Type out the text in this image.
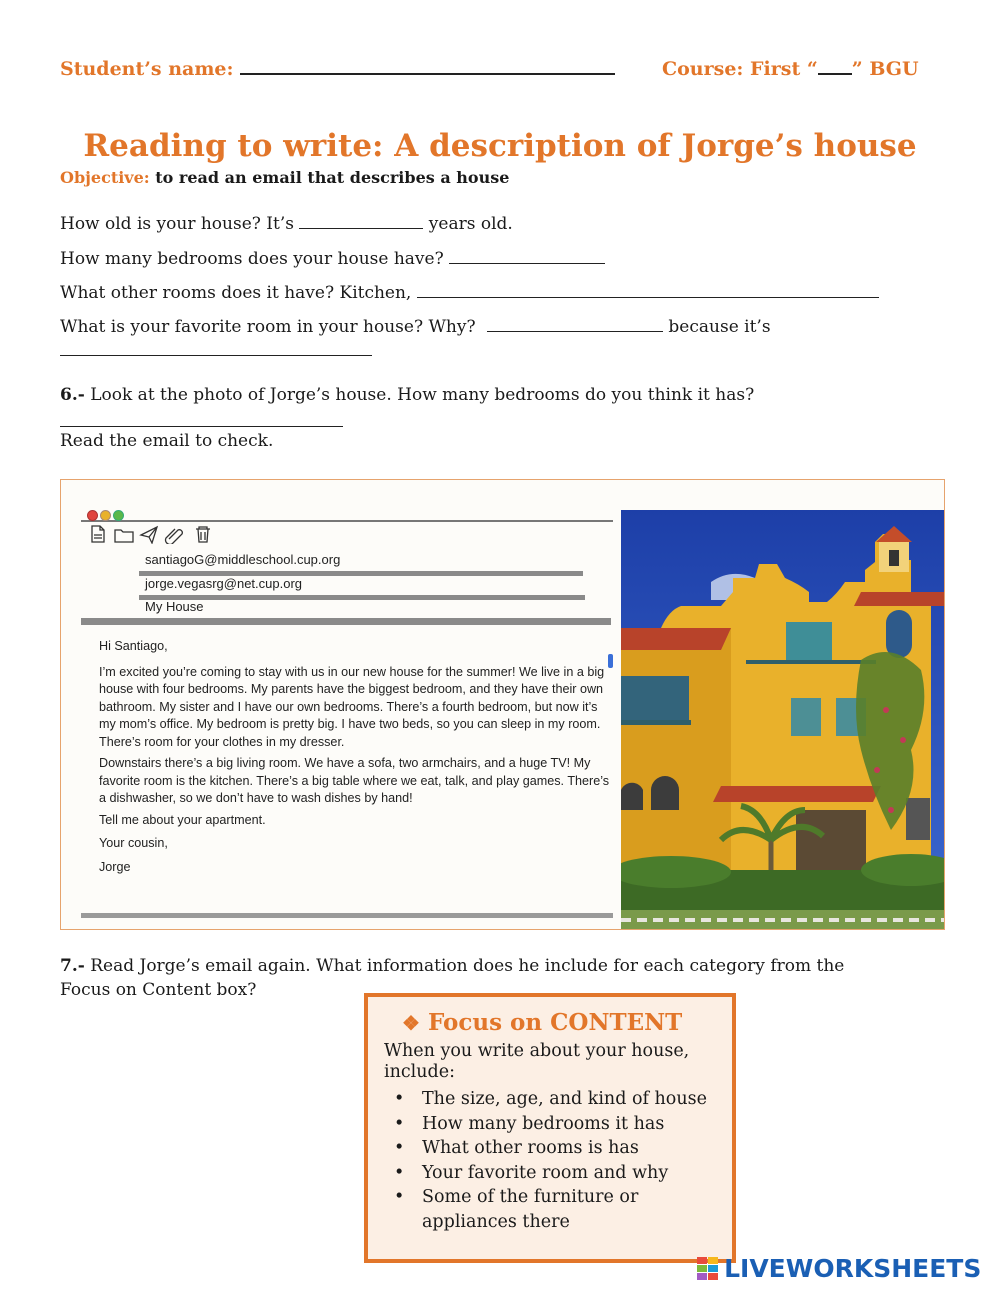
Student’s name:	Course: First “ ” BGU
Reading to write: A description of Jorge’s house
Objective: to read an email that describes a house
How old is your house? It’s	years old.
How many bedrooms does your house have?
What other rooms does it have? Kitchen,
What is your favorite room in your house? Why?	because it’s
6.- Look at the photo of Jorge’s house. How many bedrooms do you think it has?
Read the email to check.
santiagoG@middleschool.cup.org
jorge.vegasrg@net.cup.org
My House

Hi Santiago,

I’m excited you’re coming to stay with us in our new house for the summer! We live in a big house with four bedrooms. My parents have the biggest bedroom, and they have their own bathroom. My sister and I have our own bedrooms. There’s a fourth bedroom, but now it’s my mom’s office. My bedroom is pretty big. I have two beds, so you can sleep in my room. There’s room for your clothes in my dresser.

Downstairs there’s a big living room. We have a sofa, two armchairs, and a huge TV! My favorite room is the kitchen. There’s a big table where we eat, talk, and play games. There’s a dishwasher, so we don’t have to wash dishes by hand!

Tell me about your apartment.

Your cousin,

Jorge

7.- Read Jorge’s email again. What information does he include for each category from the
Focus on Content box?
❖ Focus on CONTENT
When you write about your house, include:
• The size, age, and kind of house
• How many bedrooms it has
• What other rooms is has
• Your favorite room and why
• Some of the furniture or appliances there
LIVEWORKSHEETS
